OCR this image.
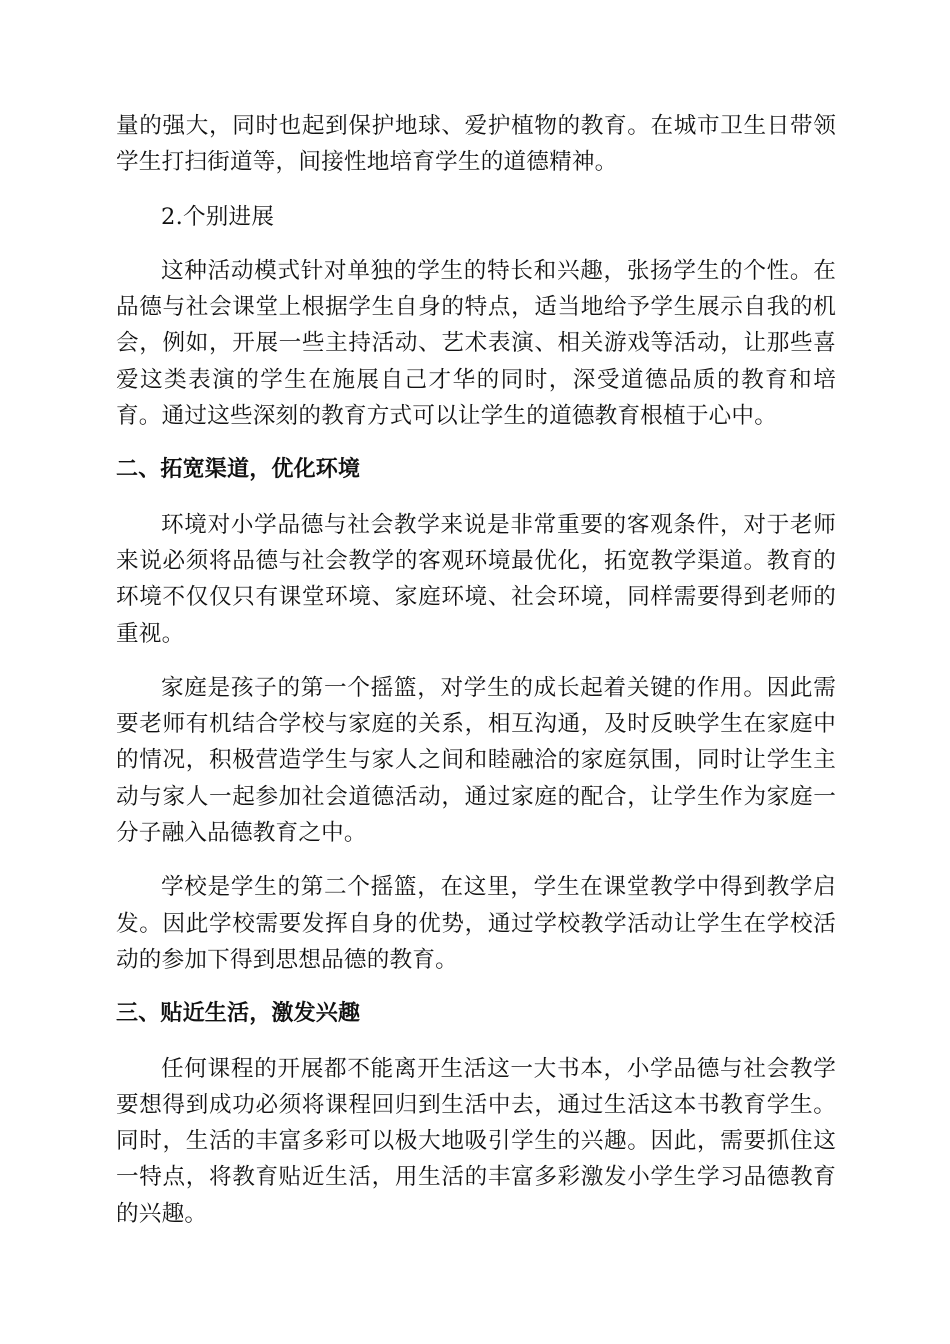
量的强大，同时也起到保护地球、爱护植物的教育。在城市卫生日带领学生打扫街道等，间接性地培育学生的道德精神。

2.个别进展

这种活动模式针对单独的学生的特长和兴趣，张扬学生的个性。在品德与社会课堂上根据学生自身的特点，适当地给予学生展示自我的机会，例如，开展一些主持活动、艺术表演、相关游戏等活动，让那些喜爱这类表演的学生在施展自己才华的同时，深受道德品质的教育和培育。通过这些深刻的教育方式可以让学生的道德教育根植于心中。

二、拓宽渠道，优化环境

环境对小学品德与社会教学来说是非常重要的客观条件，对于老师来说必须将品德与社会教学的客观环境最优化，拓宽教学渠道。教育的环境不仅仅只有课堂环境、家庭环境、社会环境，同样需要得到老师的重视。

家庭是孩子的第一个摇篮，对学生的成长起着关键的作用。因此需要老师有机结合学校与家庭的关系，相互沟通，及时反映学生在家庭中的情况，积极营造学生与家人之间和睦融洽的家庭氛围，同时让学生主动与家人一起参加社会道德活动，通过家庭的配合，让学生作为家庭一分子融入品德教育之中。

学校是学生的第二个摇篮，在这里，学生在课堂教学中得到教学启发。因此学校需要发挥自身的优势，通过学校教学活动让学生在学校活动的参加下得到思想品德的教育。

三、贴近生活，激发兴趣

任何课程的开展都不能离开生活这一大书本，小学品德与社会教学要想得到成功必须将课程回归到生活中去，通过生活这本书教育学生。同时，生活的丰富多彩可以极大地吸引学生的兴趣。因此，需要抓住这一特点，将教育贴近生活，用生活的丰富多彩激发小学生学习品德教育的兴趣。
